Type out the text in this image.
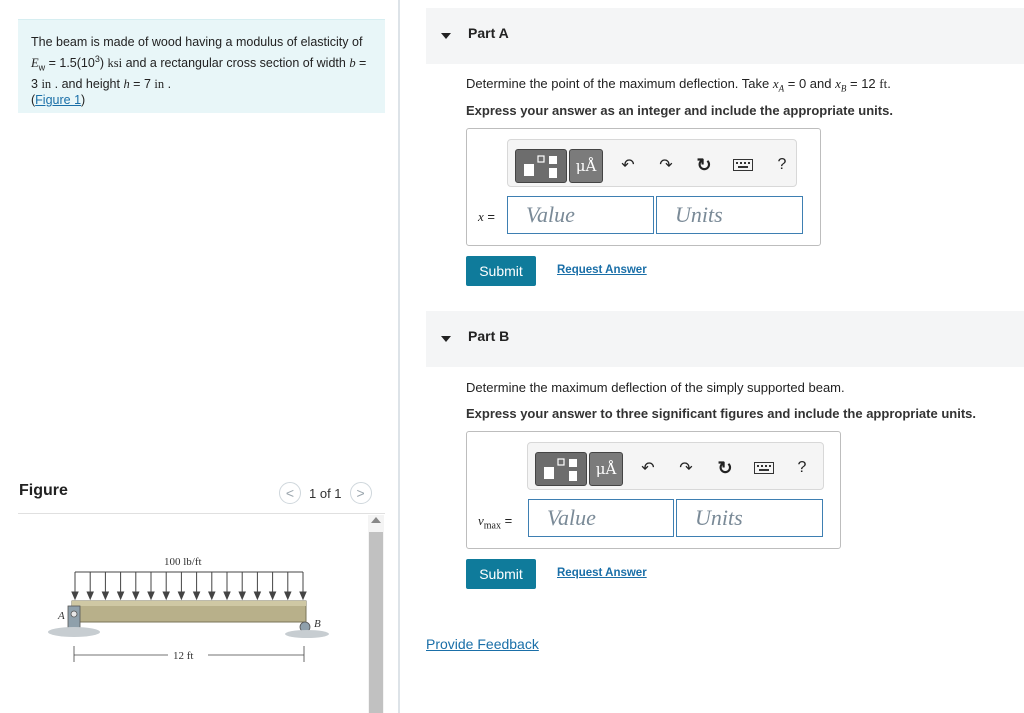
The beam is made of wood having a modulus of elasticity of $E_w = 1.5(10^3)$ ksi and a rectangular cross section of width b = 3 in . and height h = 7 in .
(Figure 1)
Figure	<	1 of 1	>
100 lb/ft
A
B
12 ft
Part A
Determine the point of the maximum deflection. Take $x_A = 0$ and $x_B = 12$ ft.
Express your answer as an integer and include the appropriate units.
μÅ	↶	↷ ↻	?
x =	Value	Units
Submit	Request Answer
Part B
Determine the maximum deflection of the simply supported beam.
Express your answer to three significant figures and include the appropriate units.
μÅ	↶	↷ ↻	?
$v_{max}$ =	Value	Units
Submit	Request Answer
Provide Feedback
